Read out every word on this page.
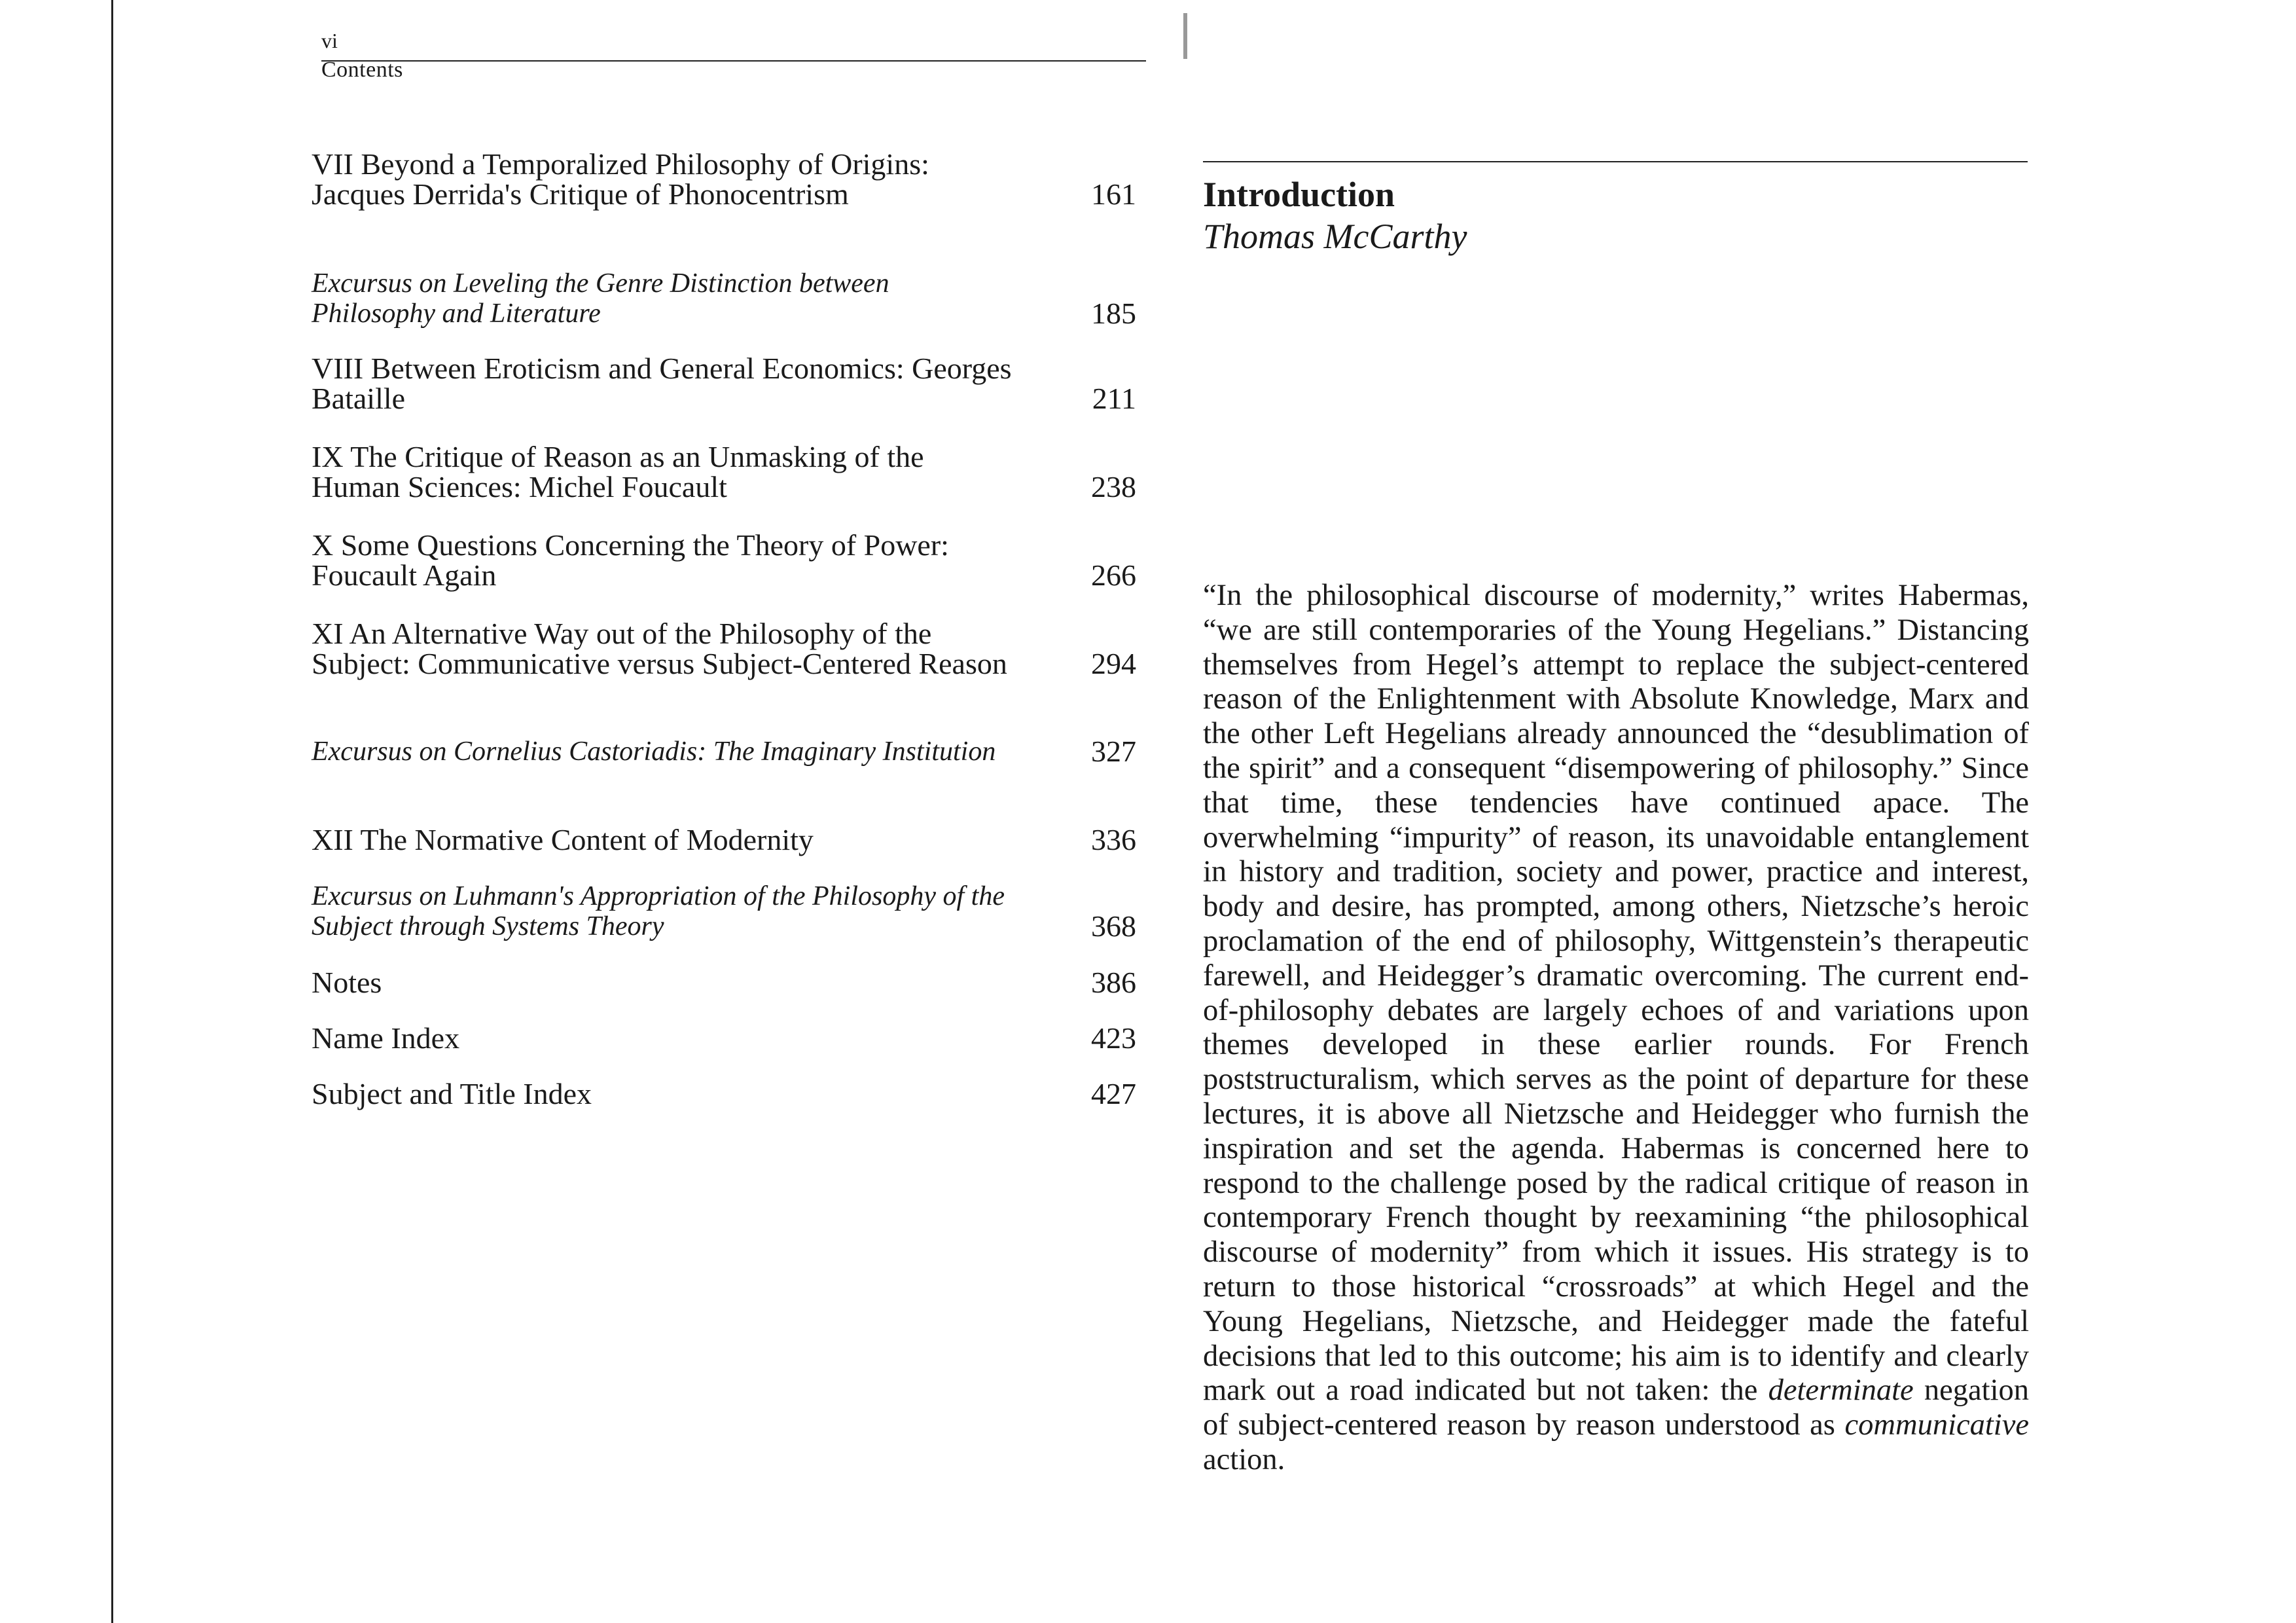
vi
Contents
VII Beyond a Temporalized Philosophy of Origins: Jacques Derrida's Critique of Phonocentrism	161
Excursus on Leveling the Genre Distinction between Philosophy and Literature	185
VIII Between Eroticism and General Economics: Georges Bataille	211
IX The Critique of Reason as an Unmasking of the Human Sciences: Michel Foucault	238
X Some Questions Concerning the Theory of Power: Foucault Again	266
XI An Alternative Way out of the Philosophy of the Subject: Communicative versus Subject-Centered Reason	294
Excursus on Cornelius Castoriadis: The Imaginary Institution	327
XII The Normative Content of Modernity	336
Excursus on Luhmann's Appropriation of the Philosophy of the Subject through Systems Theory	368
Notes	386
Name Index	423
Subject and Title Index	427
Introduction
Thomas McCarthy
“In the philosophical discourse of modernity,” writes Habermas, “we are still contemporaries of the Young Hegelians.” Distancing themselves from Hegel’s attempt to replace the subject-centered reason of the Enlightenment with Absolute Knowledge, Marx and the other Left Hegelians already announced the “desublimation of the spirit” and a consequent “disempowering of philosophy.” Since that time, these tendencies have continued apace. The overwhelming “impurity” of reason, its unavoidable entanglement in history and tradition, society and power, practice and interest, body and desire, has prompted, among others, Nietzsche’s heroic proclamation of the end of philosophy, Wittgenstein’s therapeutic farewell, and Heidegger’s dramatic overcoming. The current end-of-philosophy debates are largely echoes of and variations upon themes developed in these earlier rounds. For French poststructuralism, which serves as the point of departure for these lectures, it is above all Nietzsche and Heidegger who furnish the inspiration and set the agenda. Habermas is concerned here to respond to the challenge posed by the radical critique of reason in contemporary French thought by reexamining “the philosophical discourse of modernity” from which it issues. His strategy is to return to those historical “crossroads” at which Hegel and the Young Hegelians, Nietzsche, and Heidegger made the fateful decisions that led to this outcome; his aim is to identify and clearly mark out a road indicated but not taken: the determinate negation of subject-centered reason by reason understood as communicative action.
